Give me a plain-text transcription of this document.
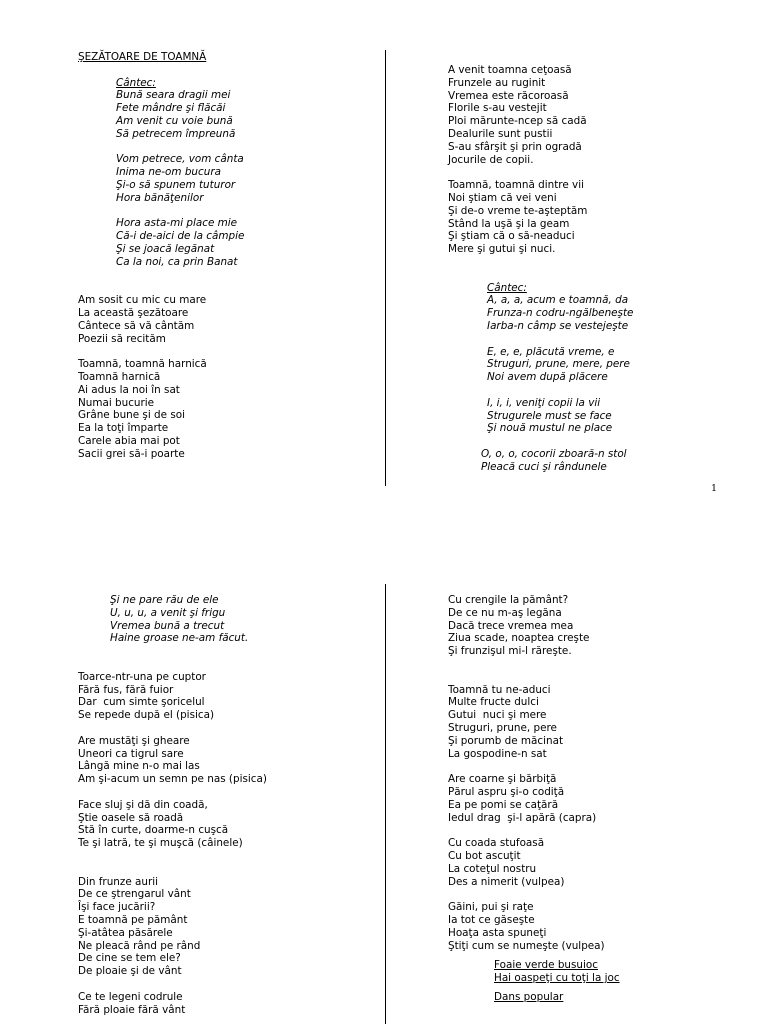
ŞEZĂTOARE DE TOAMNĂ
Cântec:
Bună seara dragii mei
Fete mândre şi flăcăi
Am venit cu voie bună
Să petrecem împreună
Vom petrece, vom cânta
Inima ne-om bucura
Şi-o să spunem tuturor
Hora bănăţenilor
Hora asta-mi place mie
Că-i de-aici de la câmpie
Şi se joacă legănat
Ca la noi, ca prin Banat
Am sosit cu mic cu mare
La această şezătoare
Cântece să vă cântăm
Poezii să recităm
Toamnă, toamnă harnică
Toamnă harnică
Ai adus la noi în sat
Numai bucurie
Grâne bune şi de soi
Ea la toţi împarte
Carele abia mai pot
Sacii grei să-i poarte
A venit toamna ceţoasă
Frunzele au ruginit
Vremea este răcoroasă
Florile s-au vestejit
Ploi mărunte-ncep să cadă
Dealurile sunt pustii
S-au sfârşit şi prin ogradă
Jocurile de copii.
Toamnă, toamnă dintre vii
Noi ştiam că vei veni
Şi de-o vreme te-aşteptăm
Stând la uşă şi la geam
Şi ştiam că o să-neaduci
Mere şi gutui şi nuci.
Cântec:
A, a, a, acum e toamnă, da
Frunza-n codru-ngălbeneşte
Iarba-n câmp se vestejeşte
E, e, e, plăcută vreme, e
Struguri, prune, mere, pere
Noi avem după plăcere
I, i, i, veniţi copii la vii
Strugurele must se face
Şi nouă mustul ne place
O, o, o, cocorii zboară-n stol
Pleacă cuci şi rândunele
1
Şi ne pare rău de ele
U, u, u, a venit şi frigu
Vremea bună a trecut
Haine groase ne-am făcut.
Toarce-ntr-una pe cuptor
Fără fus, fără fuior
Dar  cum simte şoricelul
Se repede după el (pisica)
Are mustăţi şi gheare
Uneori ca tigrul sare
Lângă mine n-o mai las
Am şi-acum un semn pe nas (pisica)
Face sluj şi dă din coadă,
Ştie oasele să roadă
Stă în curte, doarme-n cuşcă
Te şi latră, te şi muşcă (câinele)
Din frunze aurii
De ce ştrengarul vânt
Îşi face jucării?
E toamnă pe pământ
Şi-atâtea păsărele
Ne pleacă rând pe rând
De cine se tem ele?
De ploaie şi de vânt
Ce te legeni codrule
Fără ploaie fără vânt
Cu crengile la pământ?
De ce nu m-aş legăna
Dacă trece vremea mea
Ziua scade, noaptea creşte
Şi frunzişul mi-l răreşte.
Toamnă tu ne-aduci
Multe fructe dulci
Gutui  nuci şi mere
Struguri, prune, pere
Şi porumb de măcinat
La gospodine-n sat
Are coarne şi bărbiţă
Părul aspru şi-o codiţă
Ea pe pomi se caţără
Iedul drag  şi-l apără (capra)
Cu coada stufoasă
Cu bot ascuţit
La coteţul nostru
Des a nimerit (vulpea)
Găini, pui şi raţe
Ia tot ce găseşte
Hoaţa asta spuneţi
Ştiţi cum se numeşte (vulpea)
Foaie verde busuioc
Hai oaspeţi cu toţi la joc
Dans popular
